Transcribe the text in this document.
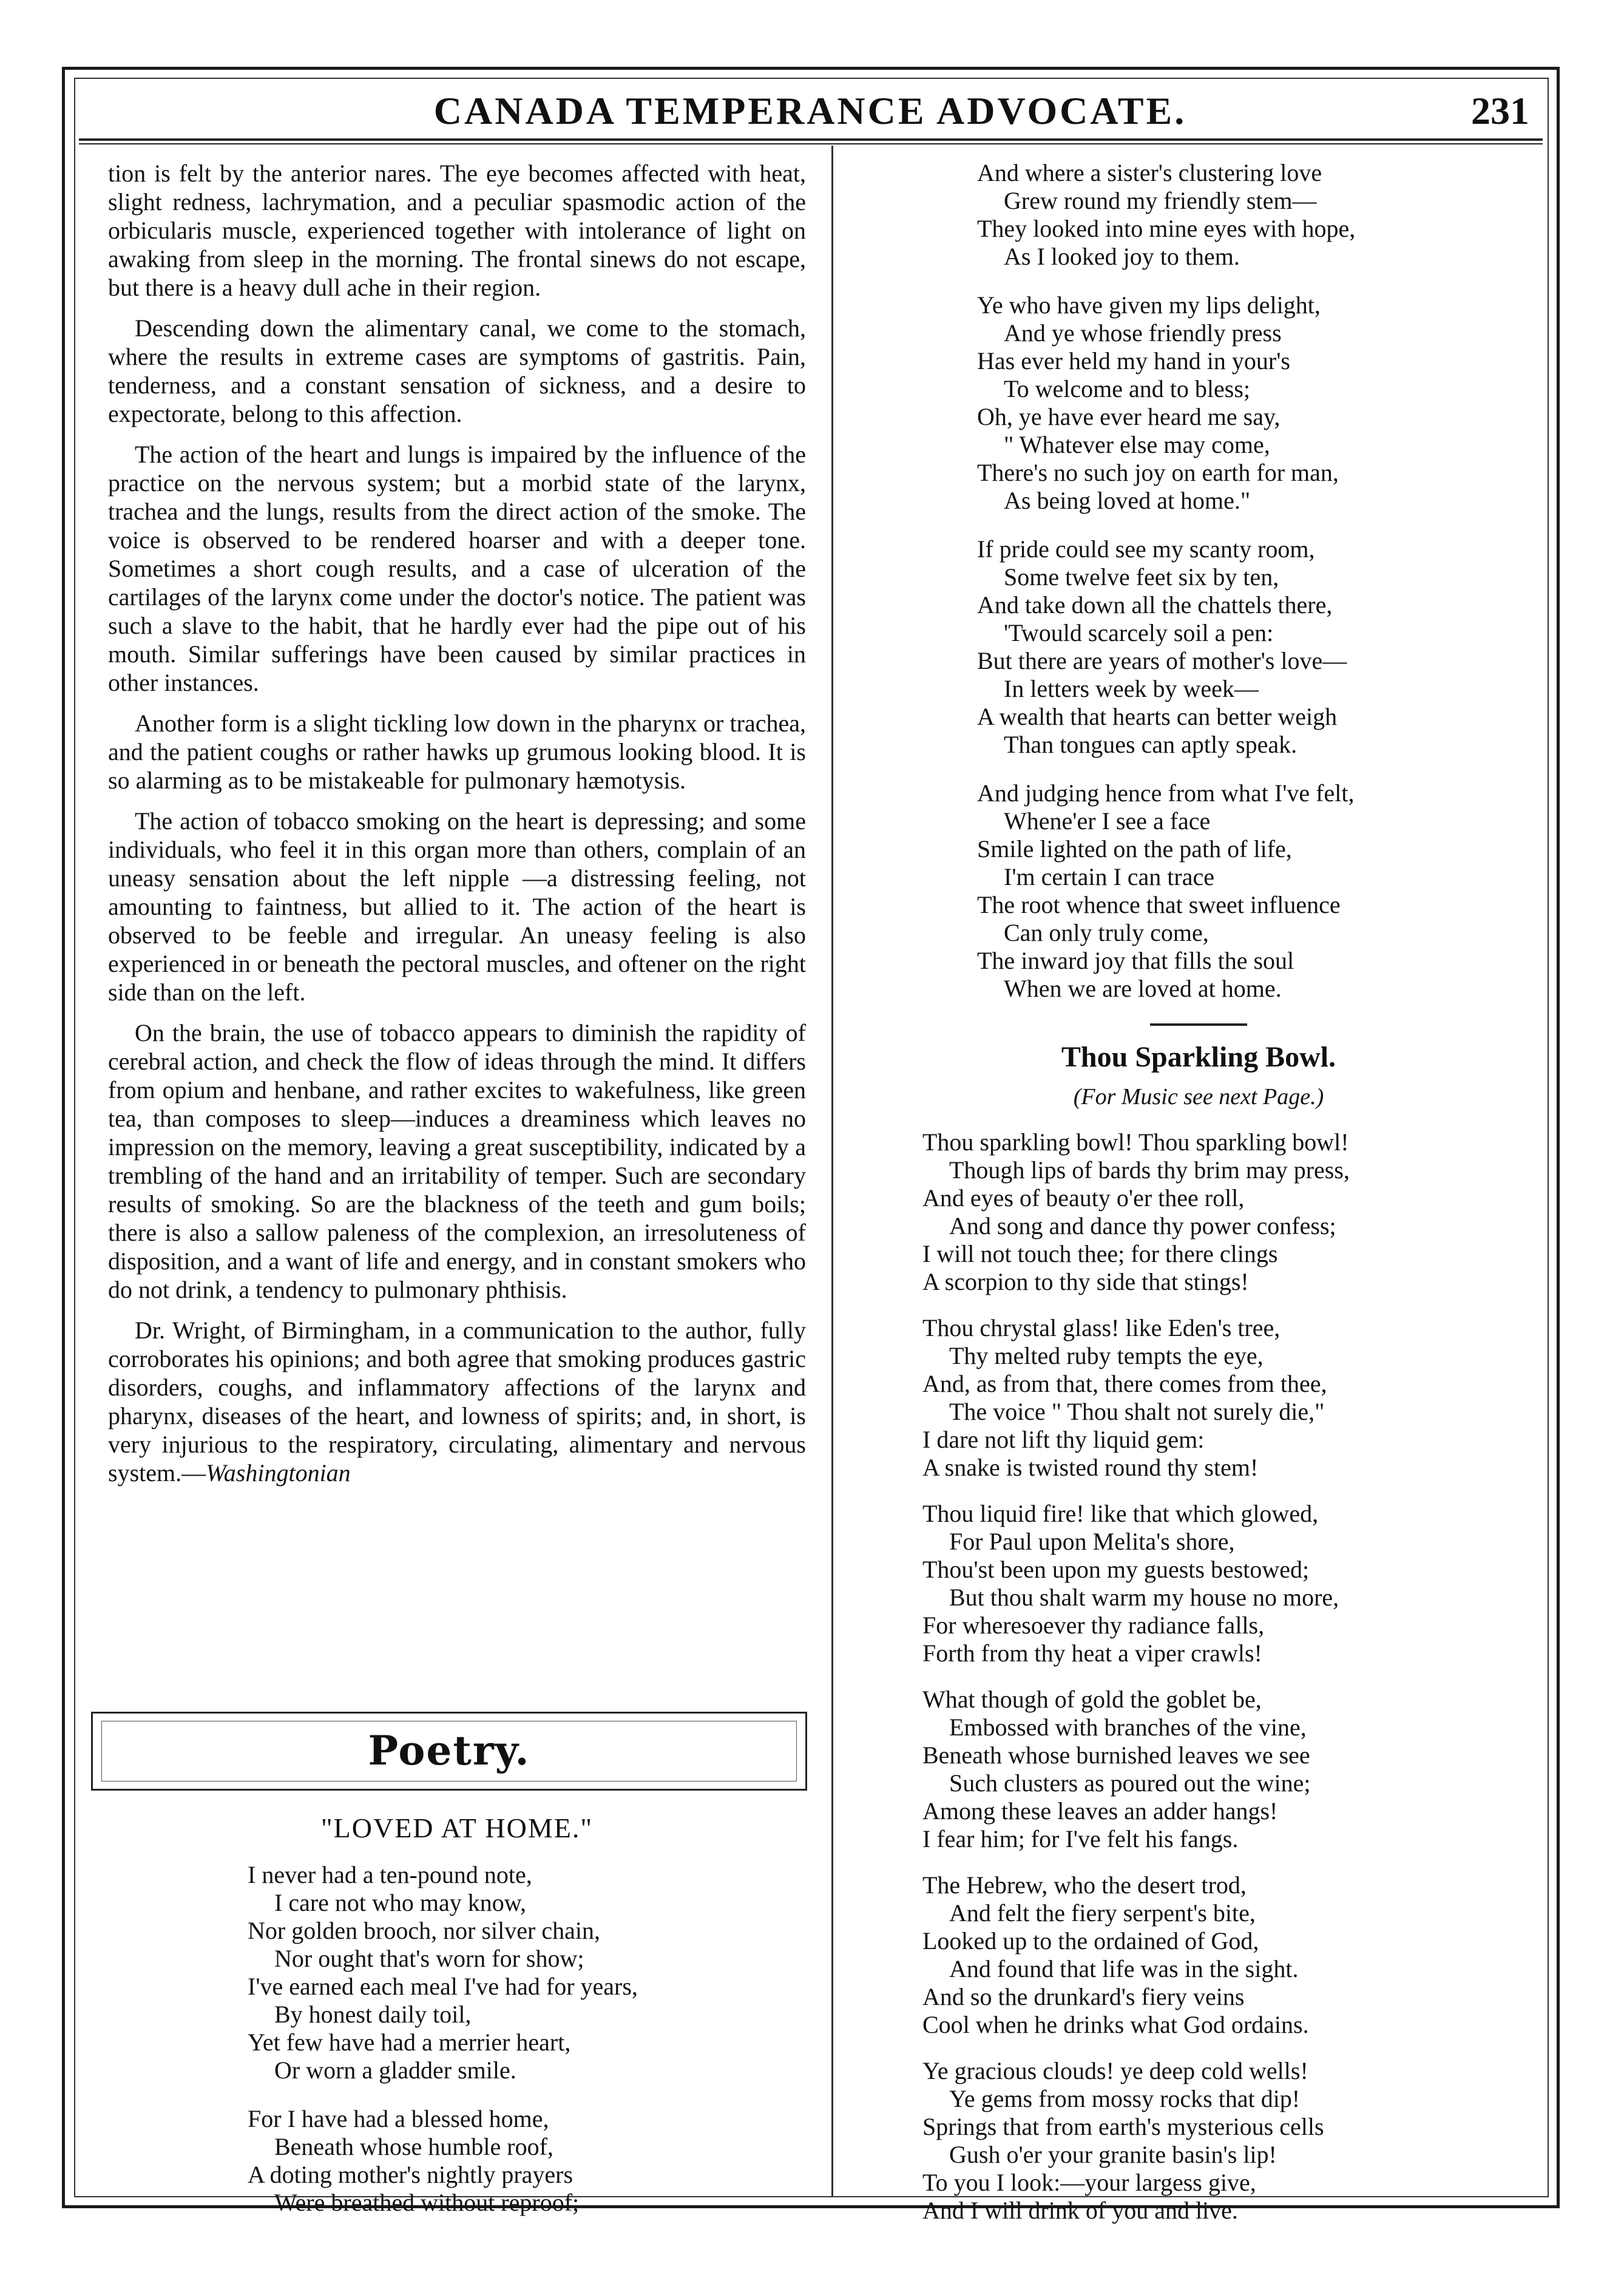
CANADA TEMPERANCE ADVOCATE.	231

tion is felt by the anterior nares. The eye becomes affected with heat, slight redness, lachrymation, and a peculiar spasmodic action of the orbicularis muscle, experienced together with intolerance of light on awaking from sleep in the morning. The frontal sinews do not escape, but there is a heavy dull ache in their region.

Descending down the alimentary canal, we come to the stomach, where the results in extreme cases are symptoms of gastritis. Pain, tenderness, and a constant sensation of sickness, and a desire to expectorate, belong to this affection.

The action of the heart and lungs is impaired by the influence of the practice on the nervous system; but a morbid state of the larynx, trachea and the lungs, results from the direct action of the smoke. The voice is observed to be rendered hoarser and with a deeper tone. Sometimes a short cough results, and a case of ulceration of the cartilages of the larynx come under the doctor's notice. The patient was such a slave to the habit, that he hardly ever had the pipe out of his mouth. Similar sufferings have been caused by similar practices in other instances.

Another form is a slight tickling low down in the pharynx or trachea, and the patient coughs or rather hawks up grumous looking blood. It is so alarming as to be mistakeable for pulmonary hæmotysis.

The action of tobacco smoking on the heart is depressing; and some individuals, who feel it in this organ more than others, complain of an uneasy sensation about the left nipple —a distressing feeling, not amounting to faintness, but allied to it. The action of the heart is observed to be feeble and irregular. An uneasy feeling is also experienced in or beneath the pectoral muscles, and oftener on the right side than on the left.

On the brain, the use of tobacco appears to diminish the rapidity of cerebral action, and check the flow of ideas through the mind. It differs from opium and henbane, and rather excites to wakefulness, like green tea, than composes to sleep—induces a dreaminess which leaves no impression on the memory, leaving a great susceptibility, indicated by a trembling of the hand and an irritability of temper. Such are secondary results of smoking. So are the blackness of the teeth and gum boils; there is also a sallow paleness of the complexion, an irresoluteness of disposition, and a want of life and energy, and in constant smokers who do not drink, a tendency to pulmonary phthisis.

Dr. Wright, of Birmingham, in a communication to the author, fully corroborates his opinions; and both agree that smoking produces gastric disorders, coughs, and inflammatory affections of the larynx and pharynx, diseases of the heart, and lowness of spirits; and, in short, is very injurious to the respiratory, circulating, alimentary and nervous system.—Washingtonian

Poetry.
"LOVED AT HOME."
I never had a ten-pound note,
I care not who may know,
Nor golden brooch, nor silver chain,
Nor ought that's worn for show;
I've earned each meal I've had for years,
By honest daily toil,
Yet few have had a merrier heart,
Or worn a gladder smile.
For I have had a blessed home,
Beneath whose humble roof,
A doting mother's nightly prayers
Were breathed without reproof;
And where a sister's clustering love
Grew round my friendly stem—
They looked into mine eyes with hope,
As I looked joy to them.
Ye who have given my lips delight,
And ye whose friendly press
Has ever held my hand in your's
To welcome and to bless;
Oh, ye have ever heard me say,
" Whatever else may come,
There's no such joy on earth for man,
As being loved at home."
If pride could see my scanty room,
Some twelve feet six by ten,
And take down all the chattels there,
'Twould scarcely soil a pen:
But there are years of mother's love—
In letters week by week—
A wealth that hearts can better weigh
Than tongues can aptly speak.
And judging hence from what I've felt,
Whene'er I see a face
Smile lighted on the path of life,
I'm certain I can trace
The root whence that sweet influence
Can only truly come,
The inward joy that fills the soul
When we are loved at home.
Thou Sparkling Bowl.
(For Music see next Page.)
Thou sparkling bowl! Thou sparkling bowl!
Though lips of bards thy brim may press,
And eyes of beauty o'er thee roll,
And song and dance thy power confess;
I will not touch thee; for there clings
A scorpion to thy side that stings!
Thou chrystal glass! like Eden's tree,
Thy melted ruby tempts the eye,
And, as from that, there comes from thee,
The voice " Thou shalt not surely die,"
I dare not lift thy liquid gem:
A snake is twisted round thy stem!
Thou liquid fire! like that which glowed,
For Paul upon Melita's shore,
Thou'st been upon my guests bestowed;
But thou shalt warm my house no more,
For wheresoever thy radiance falls,
Forth from thy heat a viper crawls!
What though of gold the goblet be,
Embossed with branches of the vine,
Beneath whose burnished leaves we see
Such clusters as poured out the wine;
Among these leaves an adder hangs!
I fear him; for I've felt his fangs.
The Hebrew, who the desert trod,
And felt the fiery serpent's bite,
Looked up to the ordained of God,
And found that life was in the sight.
And so the drunkard's fiery veins
Cool when he drinks what God ordains.
Ye gracious clouds! ye deep cold wells!
Ye gems from mossy rocks that dip!
Springs that from earth's mysterious cells
Gush o'er your granite basin's lip!
To you I look:—your largess give,
And I will drink of you and live.
